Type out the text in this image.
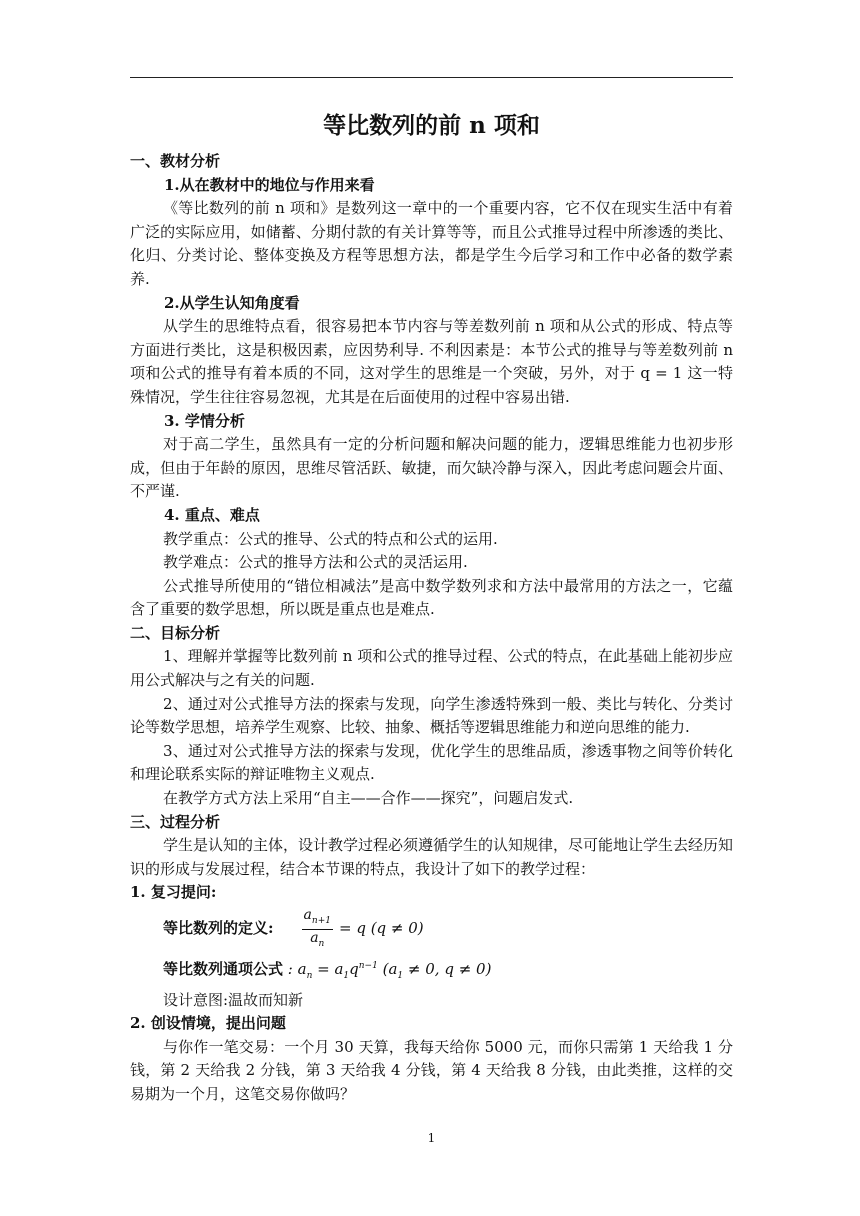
等比数列的前 n 项和

一、教材分析

1.从在教材中的地位与作用来看

《等比数列的前 n 项和》是数列这一章中的一个重要内容，它不仅在现实生活中有着广泛的实际应用，如储蓄、分期付款的有关计算等等，而且公式推导过程中所渗透的类比、化归、分类讨论、整体变换及方程等思想方法，都是学生今后学习和工作中必备的数学素养.

2.从学生认知角度看

从学生的思维特点看，很容易把本节内容与等差数列前 n 项和从公式的形成、特点等方面进行类比，这是积极因素，应因势利导. 不利因素是：本节公式的推导与等差数列前 n 项和公式的推导有着本质的不同，这对学生的思维是一个突破，另外，对于 q = 1 这一特殊情况，学生往往容易忽视，尤其是在后面使用的过程中容易出错.

3. 学情分析

对于高二学生，虽然具有一定的分析问题和解决问题的能力，逻辑思维能力也初步形成，但由于年龄的原因，思维尽管活跃、敏捷，而欠缺冷静与深入，因此考虑问题会片面、不严谨.

4. 重点、难点

教学重点：公式的推导、公式的特点和公式的运用.

教学难点：公式的推导方法和公式的灵活运用.

公式推导所使用的“错位相减法”是高中数学数列求和方法中最常用的方法之一，它蕴含了重要的数学思想，所以既是重点也是难点.

二、目标分析

1、理解并掌握等比数列前 n 项和公式的推导过程、公式的特点，在此基础上能初步应用公式解决与之有关的问题.

2、通过对公式推导方法的探索与发现，向学生渗透特殊到一般、类比与转化、分类讨论等数学思想，培养学生观察、比较、抽象、概括等逻辑思维能力和逆向思维的能力.

3、通过对公式推导方法的探索与发现，优化学生的思维品质，渗透事物之间等价转化和理论联系实际的辩证唯物主义观点.

在教学方式方法上采用“自主——合作——探究”，问题启发式.

三、过程分析

学生是认知的主体，设计教学过程必须遵循学生的认知规律，尽可能地让学生去经历知识的形成与发展过程，结合本节课的特点，我设计了如下的教学过程：

1. 复习提问:

等比数列的定义: $\frac{a_{n+1}}{a_n} = q$ (q ≠ 0)

等比数列通项公式 : $a_n = a_1q^{n-1}$ ($a_1 \ne 0$, q ≠ 0)

设计意图:温故而知新

2. 创设情境，提出问题

与你作一笔交易：一个月 30 天算，我每天给你 5000 元，而你只需第 1 天给我 1 分钱，第 2 天给我 2 分钱，第 3 天给我 4 分钱，第 4 天给我 8 分钱，由此类推，这样的交易期为一个月，这笔交易你做吗？

1
